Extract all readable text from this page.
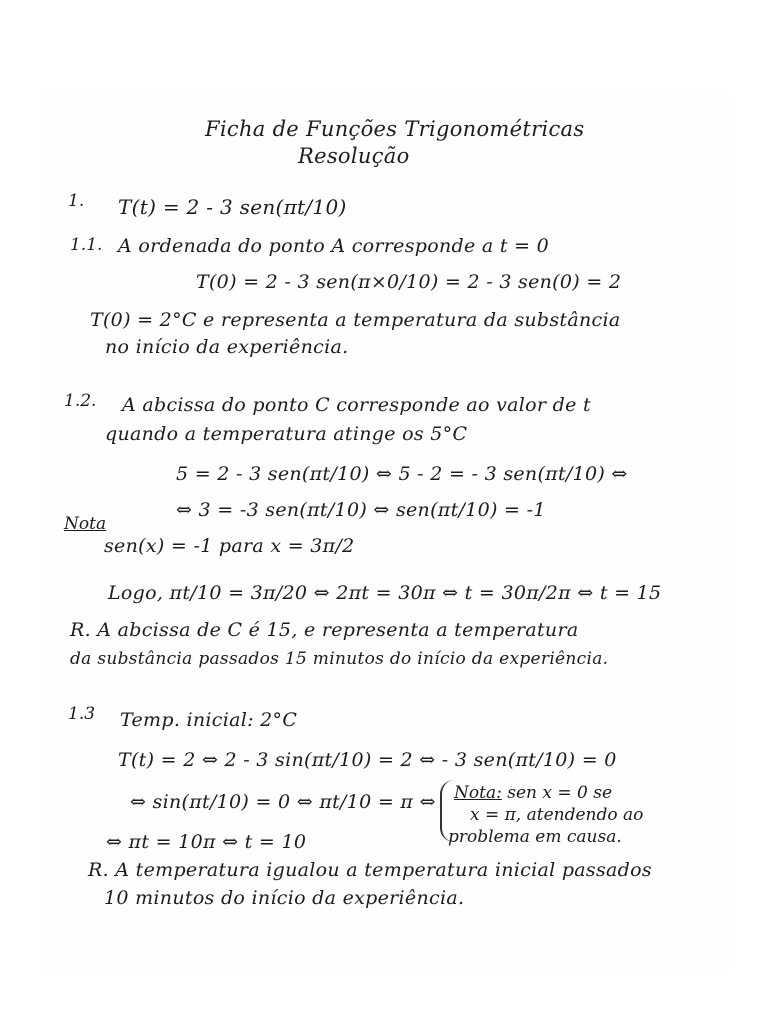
Ficha de Funções Trigonométricas
Resolução
1. T(t) = 2 - 3 sen(πt/10)
1.1. A ordenada do ponto A corresponde a t = 0
T(0) = 2 - 3 sen(π×0/10) = 2 - 3 sen(0) = 2
T(0) = 2°C e representa a temperatura da substância
no início da experiência.
1.2. A abcissa do ponto C corresponde ao valor de t
quando a temperatura atinge os 5°C
5 = 2 - 3 sen(πt/10) ⇔ 5 - 2 = - 3 sen(πt/10) ⇔
⇔ 3 = -3 sen(πt/10) ⇔ sen(πt/10) = -1
Nota
sen(x) = -1 para x = 3π/2
Logo, πt/10 = 3π/20 ⇔ 2πt = 30π ⇔ t = 30π/2π ⇔ t = 15
R. A abcissa de C é 15, e representa a temperatura
da substância passados 15 minutos do início da experiência.
1.3 Temp. inicial: 2°C
T(t) = 2 ⇔ 2 - 3 sin(πt/10) = 2 ⇔ - 3 sen(πt/10) = 0
⇔ sin(πt/10) = 0 ⇔ πt/10 = π ⇔ Nota: sen x = 0 se
x = π, atendendo ao
problema em causa.
⇔ πt = 10π ⇔ t = 10
R. A temperatura igualou a temperatura inicial passados
10 minutos do início da experiência.
